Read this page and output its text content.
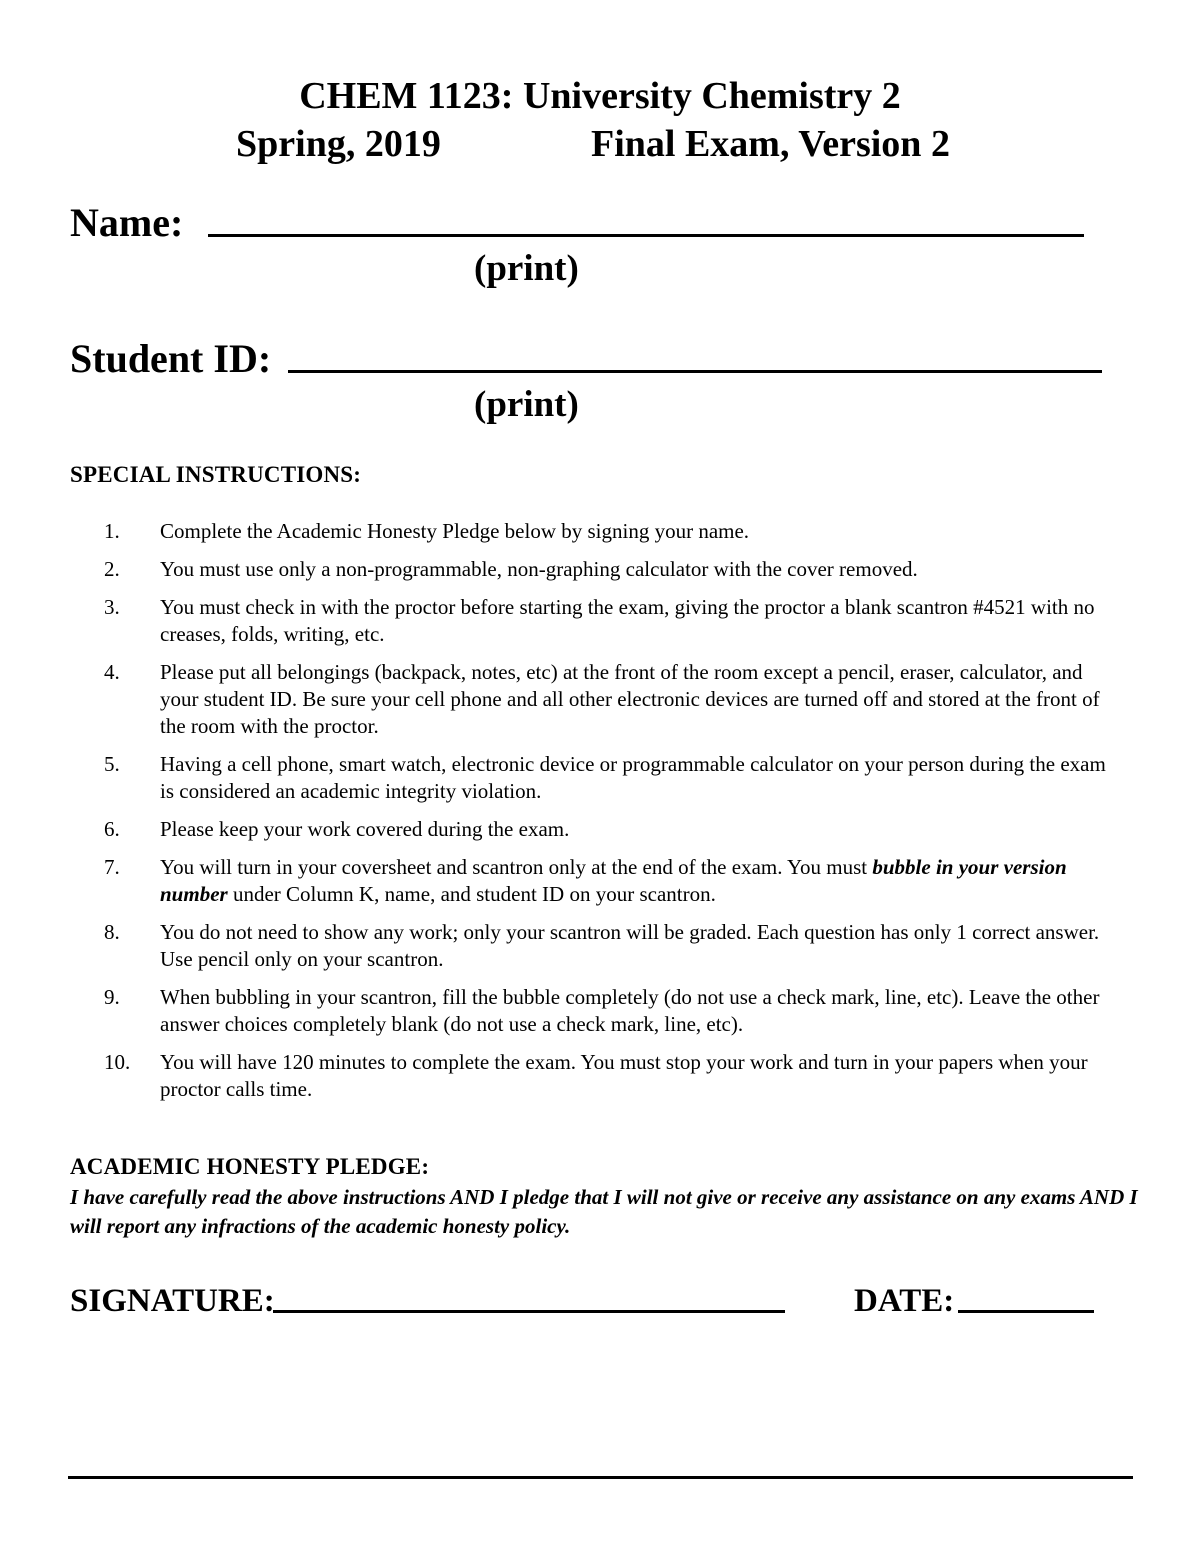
CHEM 1123: University Chemistry 2
Spring, 2019	Final Exam, Version 2
Name:
(print)
Student ID:
(print)
SPECIAL INSTRUCTIONS:
1. Complete the Academic Honesty Pledge below by signing your name.
2. You must use only a non-programmable, non-graphing calculator with the cover removed.
3. You must check in with the proctor before starting the exam, giving the proctor a blank scantron #4521 with no creases, folds, writing, etc.
4. Please put all belongings (backpack, notes, etc) at the front of the room except a pencil, eraser, calculator, and your student ID. Be sure your cell phone and all other electronic devices are turned off and stored at the front of the room with the proctor.
5. Having a cell phone, smart watch, electronic device or programmable calculator on your person during the exam is considered an academic integrity violation.
6. Please keep your work covered during the exam.
7. You will turn in your coversheet and scantron only at the end of the exam. You must bubble in your version number under Column K, name, and student ID on your scantron.
8. You do not need to show any work; only your scantron will be graded. Each question has only 1 correct answer. Use pencil only on your scantron.
9. When bubbling in your scantron, fill the bubble completely (do not use a check mark, line, etc). Leave the other answer choices completely blank (do not use a check mark, line, etc).
10. You will have 120 minutes to complete the exam. You must stop your work and turn in your papers when your proctor calls time.
ACADEMIC HONESTY PLEDGE:
I have carefully read the above instructions AND I pledge that I will not give or receive any assistance on any exams AND I will report any infractions of the academic honesty policy.
SIGNATURE:	DATE:
